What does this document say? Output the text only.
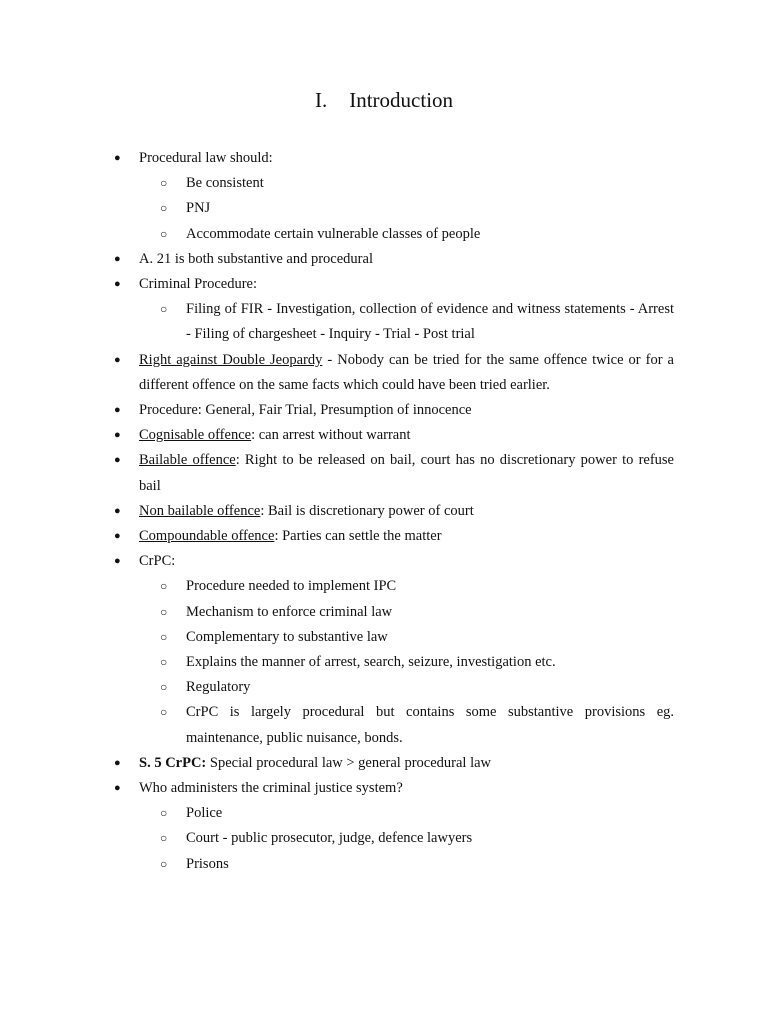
I. Introduction
● Procedural law should:
○ Be consistent
○ PNJ
○ Accommodate certain vulnerable classes of people
● A. 21 is both substantive and procedural
● Criminal Procedure:
○ Filing of FIR - Investigation, collection of evidence and witness statements - Arrest - Filing of chargesheet - Inquiry - Trial - Post trial
● Right against Double Jeopardy - Nobody can be tried for the same offence twice or for a different offence on the same facts which could have been tried earlier.
● Procedure: General, Fair Trial, Presumption of innocence
● Cognisable offence: can arrest without warrant
● Bailable offence: Right to be released on bail, court has no discretionary power to refuse bail
● Non bailable offence: Bail is discretionary power of court
● Compoundable offence: Parties can settle the matter
● CrPC:
○ Procedure needed to implement IPC
○ Mechanism to enforce criminal law
○ Complementary to substantive law
○ Explains the manner of arrest, search, seizure, investigation etc.
○ Regulatory
○ CrPC is largely procedural but contains some substantive provisions eg. maintenance, public nuisance, bonds.
● S. 5 CrPC: Special procedural law > general procedural law
● Who administers the criminal justice system?
○ Police
○ Court - public prosecutor, judge, defence lawyers
○ Prisons
